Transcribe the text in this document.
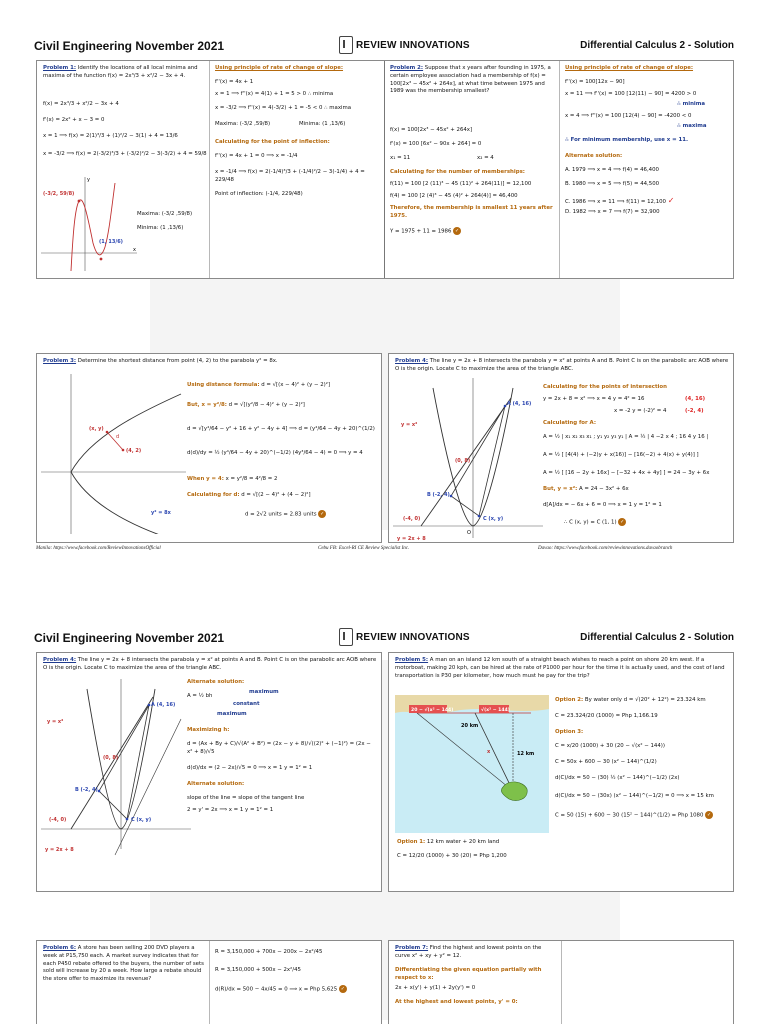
Civil Engineering November 2021	REVIEW INNOVATIONS	Differential Calculus 2 - Solution
Problem 1: Identify the locations of all local minima and maxima of the function f(x) = 2x³/3 + x²/2 − 3x + 4.
f(x) = 2x³/3 + x²/2 − 3x + 4
f'(x) = 2x² + x − 3 = 0
x = 1 ⟹ f(x) = 2(1)³/3 + (1)²/2 − 3(1) + 4 = 13/6
x = -3/2 ⟹ f(x) = 2(-3/2)³/3 + (-3/2)²/2 − 3(-3/2) + 4 = 59/8
(-3/2, 59/8)
(1, 13/6)
x
y
Maxima: (-3/2 ,59/8)
Minima: (1 ,13/6)
Using principle of rate of change of slope:
f''(x) = 4x + 1
x = 1 ⟹ f''(x) = 4(1) + 1 = 5 > 0 ∴ minima
x = -3/2 ⟹ f''(x) = 4(-3/2) + 1 = -5 < 0 ∴ maxima
Maxima: (-3/2 ,59/8)	Minima: (1 ,13/6)
Calculating for the point of inflection:
f''(x) = 4x + 1 = 0 ⟹ x = -1/4
x = -1/4 ⟹ f(x) = 2(-1/4)³/3 + (-1/4)²/2 − 3(-1/4) + 4 = 229/48
Point of inflection: (-1/4, 229/48)
Problem 2: Suppose that x years after founding in 1975, a certain employee association had a membership of f(x) = 100[2x³ − 45x² + 264x], at what time between 1975 and 1989 was the membership smallest?
f(x) = 100[2x³ − 45x² + 264x]
f'(x) = 100 [6x² − 90x + 264] = 0
x₁ = 11	x₂ = 4
Calculating for the number of memberships:
f(11) = 100 [2 (11)³ − 45 (11)² + 264(11)] = 12,100
f(4) = 100 [2 (4)³ − 45 (4)² + 264(4)] = 46,400
Therefore, the membership is smallest 11 years after 1975.
Y = 1975 + 11 = 1986 ✓
Using principle of rate of change of slope:
f''(x) = 100[12x − 90]
x = 11 ⟹ f''(x) = 100 [12(11) − 90] = 4200 > 0
∴ minima
x = 4 ⟹ f''(x) = 100 [12(4) − 90] = -4200 < 0
∴ maxima
∴ For minimum membership, use x = 11.
Alternate solution:
A. 1979 ⟹ x = 4 ⟹ f(4) = 46,400
B. 1980 ⟹ x = 5 ⟹ f(5) = 44,500
C. 1986 ⟹ x = 11 ⟹ f(11) = 12,100 ✓
D. 1982 ⟹ x = 7 ⟹ f(7) = 32,900
Problem 3: Determine the shortest distance from point (4, 2) to the parabola y² = 8x.
(x, y)
d
(4, 2)
y² = 8x
Using distance formula: d = √[(x − 4)² + (y − 2)²]
But, x = y²/8: d = √[(y²/8 − 4)² + (y − 2)²]
d = √[y⁴/64 − y² + 16 + y² − 4y + 4] ⟹ d = (y⁴/64 − 4y + 20)^(1/2)
d(d)/dy = ½ (y⁴/64 − 4y + 20)^(−1/2) (4y³/64 − 4) = 0 ⟹ y = 4
When y = 4: x = y²/8 = 4²/8 = 2
Calculating for d: d = √[(2 − 4)² + (4 − 2)²]
d = 2√2 units = 2.83 units ✓
Problem 4: The line y = 2x + 8 intersects the parabola y = x² at points A and B. Point C is on the parabolic arc AOB where O is the origin. Locate C to maximize the area of the triangle ABC.
A (4, 16)
B (-2, 4)
C (x, y)
(0, 8)
(-4, 0)
O
y = x²
y = 2x + 8
Calculating for the points of intersection
y = 2x + 8 = x² ⟹ x = 4 y = 4² = 16	(4, 16)
x = -2 y = (-2)² = 4	(-2, 4)
Calculating for A:
A = ½ | x₁ x₂ x₃ x₁ ; y₁ y₂ y₃ y₁ | A = ½ | 4 −2 x 4 ; 16 4 y 16 |
A = ½ [ [4(4) + (−2)y + x(16)] − [16(−2) + 4(x) + y(4)] ]
A = ½ [ [16 − 2y + 16x] − [−32 + 4x + 4y] ] = 24 − 3y + 6x
But, y = x²: A = 24 − 3x² + 6x
d[A]/dx = − 6x + 6 = 0 ⟹ x = 1 y = 1² = 1
∴ C (x, y) = C (1, 1) ✓
Manila: https://www.facebook.com/ReviewInnovationsOfficial	Cebu FB: Excel-RI CE Review Specialist Inc.	Davao: https://www.facebook.com/reviewinnovations.davaobranch
Civil Engineering November 2021	REVIEW INNOVATIONS	Differential Calculus 2 - Solution
Problem 4: The line y = 2x + 8 intersects the parabola y = x² at points A and B. Point C is on the parabolic arc AOB where O is the origin. Locate C to maximize the area of the triangle ABC.
A (4, 16)
B (-2, 4)
C (x, y)
(0, 8)
(-4, 0)
y = x²
y = 2x + 8
Alternate solution:
A = ½ bh
maximum
constant
maximum
Maximizing h:
d = (Ax + By + C)/√(A² + B²) = (2x − y + 8)/√((2)² + (−1)²) = (2x − x² + 8)/√5
d(d)/dx = (2 − 2x)/√5 = 0 ⟹ x = 1 y = 1² = 1
Alternate solution:
slope of the line = slope of the tangent line
2 = y' = 2x ⟹ x = 1 y = 1² = 1
Problem 5: A man on an island 12 km south of a straight beach wishes to reach a point on shore 20 km west. If a motorboat, making 20 kph, can be hired at the rate of P1000 per hour for the time it is actually used, and the cost of land transportation is P30 per kilometer, how much must he pay for the trip?
20 − √(x² − 144)	√(x² − 144)
20 km
12 km
x
Option 1: 12 km water + 20 km land
C = 12/20 (1000) + 30 (20) = Php 1,200
Option 2: By water only d = √(20² + 12²) = 23.324 km
C = 23.324/20 (1000) = Php 1,166.19
Option 3:
C = x/20 (1000) + 30 (20 − √(x² − 144))
C = 50x + 600 − 30 (x² − 144)^(1/2)
d(C)/dx = 50 − (30) ½ (x² − 144)^(−1/2) (2x)
d(C)/dx = 50 − (30x) (x² − 144)^(−1/2) = 0 ⟹ x = 15 km
C = 50 (15) + 600 − 30 (15² − 144)^(1/2) = Php 1080 ✓
Problem 6: A store has been selling 200 DVD players a week at P15,750 each. A market survey indicates that for each P450 rebate offered to the buyers, the number of sets sold will increase by 20 a week. How large a rebate should the store offer to maximize its revenue?
R = 3,150,000 + 700x − 200x − 2x²/45
R = 3,150,000 + 500x − 2x²/45
d(R)/dx = 500 − 4x/45 = 0 ⟹ x = Php 5,625 ✓
Problem 7: Find the highest and lowest points on the curve x² + xy + y² = 12.
Differentiating the given equation partially with respect to x:
2x + x(y') + y(1) + 2y(y') = 0
At the highest and lowest points, y' = 0:
